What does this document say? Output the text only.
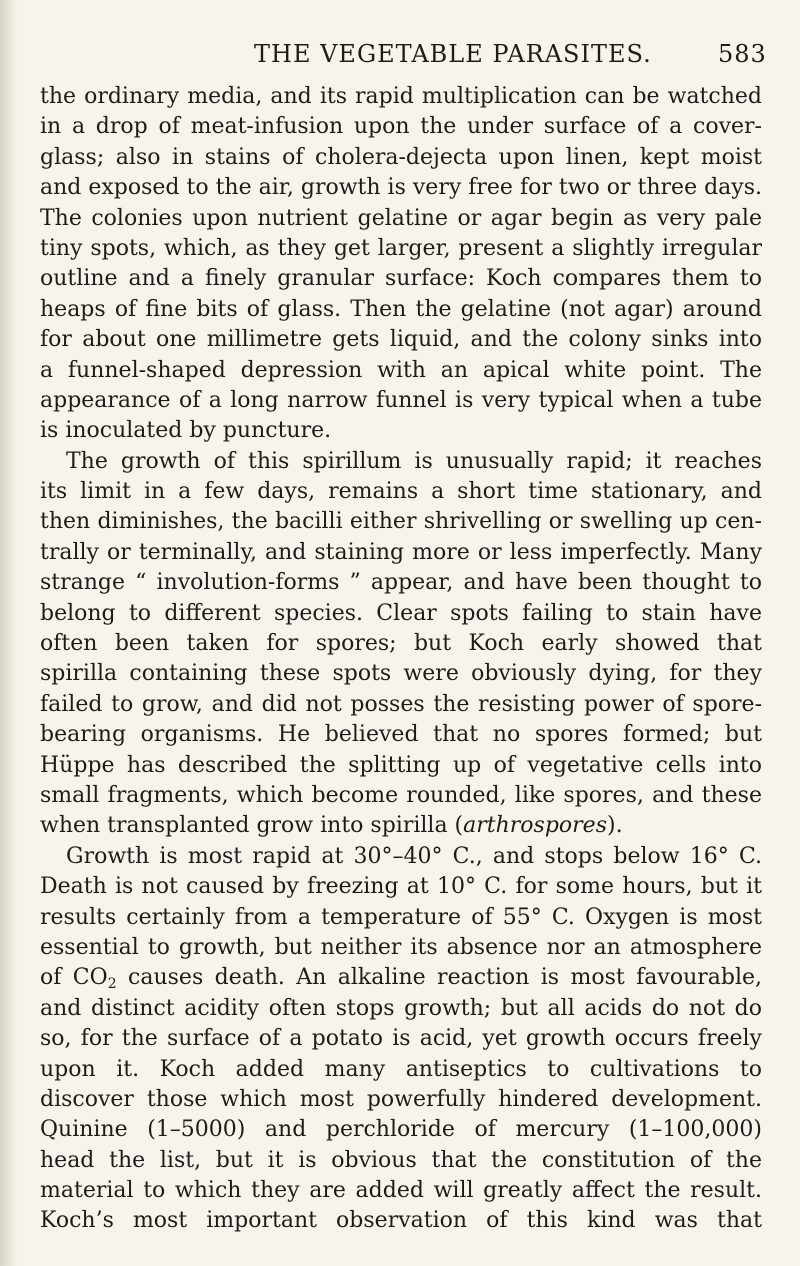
THE VEGETABLE PARASITES.	583
the ordinary media, and its rapid multiplication can be watched
in a drop of meat-infusion upon the under surface of a cover-
glass; also in stains of cholera-dejecta upon linen, kept moist
and exposed to the air, growth is very free for two or three days.
The colonies upon nutrient gelatine or agar begin as very pale
tiny spots, which, as they get larger, present a slightly irregular
outline and a finely granular surface: Koch compares them to
heaps of fine bits of glass. Then the gelatine (not agar) around
for about one millimetre gets liquid, and the colony sinks into
a funnel-shaped depression with an apical white point. The
appearance of a long narrow funnel is very typical when a tube
is inoculated by puncture.
The growth of this spirillum is unusually rapid; it reaches
its limit in a few days, remains a short time stationary, and
then diminishes, the bacilli either shrivelling or swelling up cen-
trally or terminally, and staining more or less imperfectly. Many
strange “ involution-forms ” appear, and have been thought to
belong to different species. Clear spots failing to stain have
often been taken for spores; but Koch early showed that
spirilla containing these spots were obviously dying, for they
failed to grow, and did not posses the resisting power of spore-
bearing organisms. He believed that no spores formed; but
Hüppe has described the splitting up of vegetative cells into
small fragments, which become rounded, like spores, and these
when transplanted grow into spirilla (arthrospores).
Growth is most rapid at 30°–40° C., and stops below 16° C.
Death is not caused by freezing at 10° C. for some hours, but it
results certainly from a temperature of 55° C. Oxygen is most
essential to growth, but neither its absence nor an atmosphere
of $CO_2$ causes death. An alkaline reaction is most favourable,
and distinct acidity often stops growth; but all acids do not do
so, for the surface of a potato is acid, yet growth occurs freely
upon it. Koch added many antiseptics to cultivations to
discover those which most powerfully hindered development.
Quinine (1–5000) and perchloride of mercury (1–100,000)
head the list, but it is obvious that the constitution of the
material to which they are added will greatly affect the result.
Koch’s most important observation of this kind was that
